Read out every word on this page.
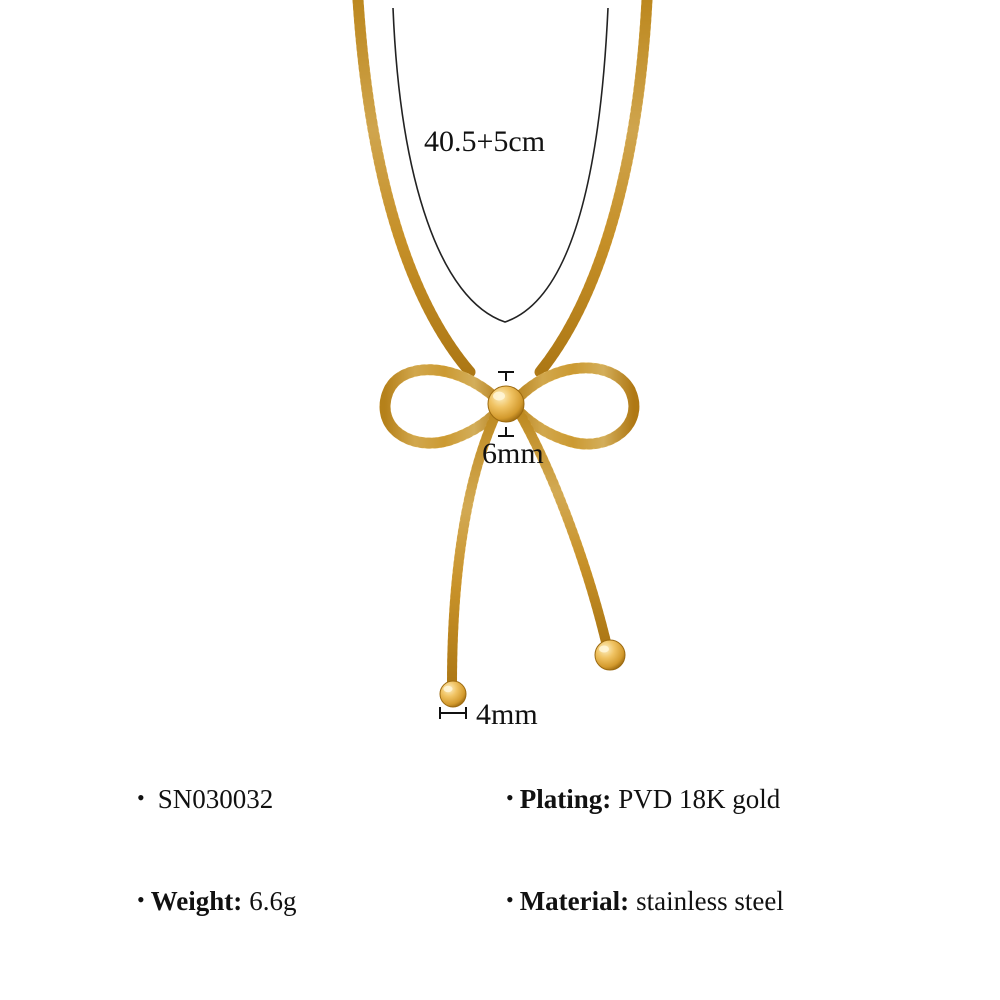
40.5+5cm
6mm
4mm
• SN030032	• Plating: PVD 18K gold
• Weight: 6.6g	• Material: stainless steel
